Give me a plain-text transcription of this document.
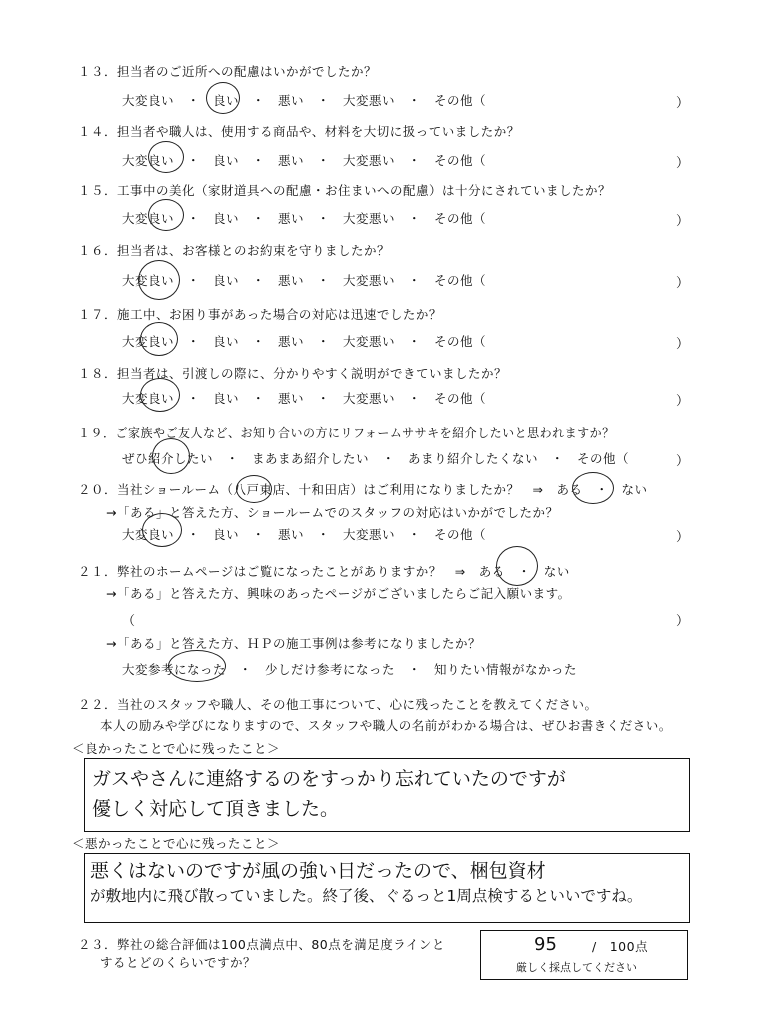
１３．担当者のご近所への配慮はいかがでしたか？
大変良い　・　良い　・　悪い　・　大変悪い　・　その他（	）
１４．担当者や職人は、使用する商品や、材料を大切に扱っていましたか？
大変良い　・　良い　・　悪い　・　大変悪い　・　その他（	）
１５．工事中の美化（家財道具への配慮・お住まいへの配慮）は十分にされていましたか？
大変良い　・　良い　・　悪い　・　大変悪い　・　その他（	）
１６．担当者は、お客様とのお約束を守りましたか？
大変良い　・　良い　・　悪い　・　大変悪い　・　その他（	）
１７．施工中、お困り事があった場合の対応は迅速でしたか？
大変良い　・　良い　・　悪い　・　大変悪い　・　その他（	）
１８．担当者は、引渡しの際に、分かりやすく説明ができていましたか？
大変良い　・　良い　・　悪い　・　大変悪い　・　その他（	）
１９．ご家族やご友人など、お知り合いの方にリフォームササキを紹介したいと思われますか？
ぜひ紹介したい　・　まあまあ紹介したい　・　あまり紹介したくない　・　その他（	）
２０．当社ショールーム（八戸東店、十和田店）はご利用になりましたか？　⇒　ある　・　ない
→「ある」と答えた方、ショールームでのスタッフの対応はいかがでしたか？
大変良い　・　良い　・　悪い　・　大変悪い　・　その他（	）
２１．弊社のホームページはご覧になったことがありますか？　⇒　ある　・　ない
→「ある」と答えた方、興味のあったページがございましたらご記入願います。
（	）
→「ある」と答えた方、ＨＰの施工事例は参考になりましたか？
大変参考になった　・　少しだけ参考になった　・　知りたい情報がなかった
２２．当社のスタッフや職人、その他工事について、心に残ったことを教えてください。
本人の励みや学びになりますので、スタッフや職人の名前がわかる場合は、ぜひお書きください。
＜良かったことで心に残ったこと＞
ガスやさんに連絡するのをすっかり忘れていたのですが
優しく対応して頂きました。
＜悪かったことで心に残ったこと＞
悪くはないのですが風の強い日だったので、梱包資材
が敷地内に飛び散っていました。終了後、ぐるっと1周点検するといいですね。
２３．弊社の総合評価は100点満点中、80点を満足度ラインと
するとどのくらいですか？
95	/　100点
厳しく採点してください
